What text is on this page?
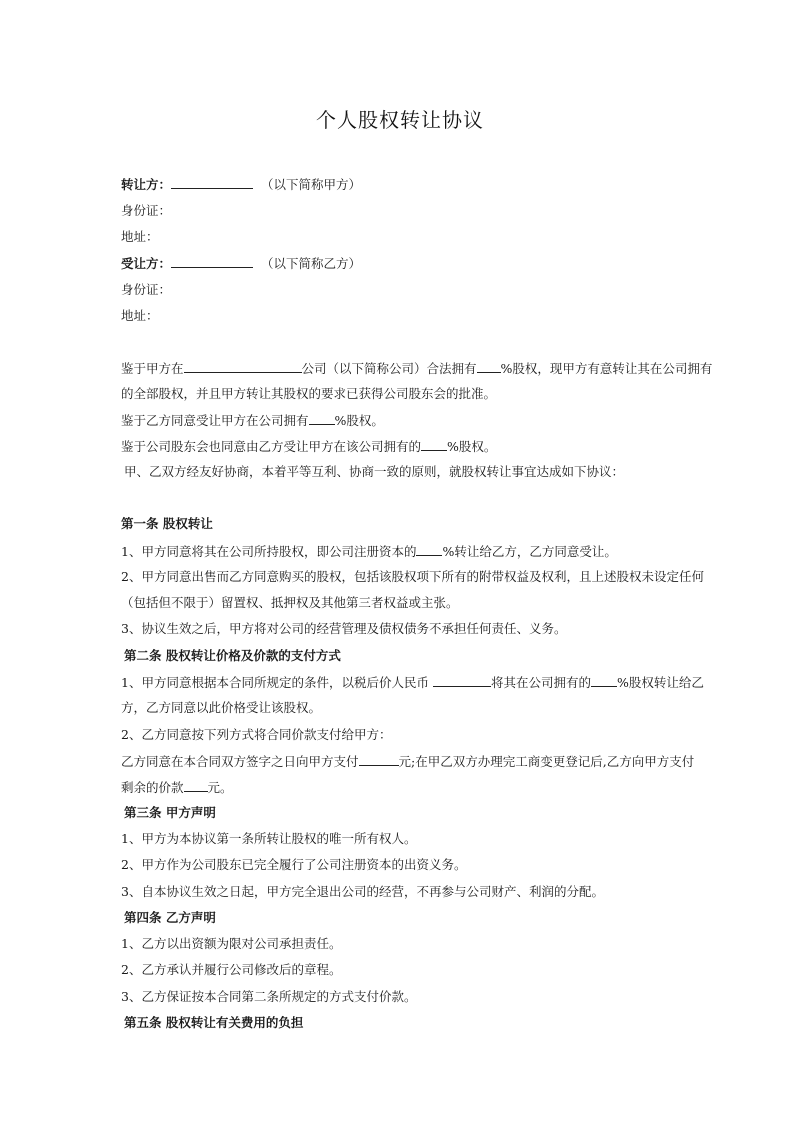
个人股权转让协议
转让方：	（以下简称甲方）
身份证：
地址：
受让方：	（以下简称乙方）
身份证：
地址：
鉴于甲方在	公司（以下简称公司）合法拥有 %股权，现甲方有意转让其在公司拥有
的全部股权，并且甲方转让其股权的要求已获得公司股东会的批准。
鉴于乙方同意受让甲方在公司拥有 %股权。
鉴于公司股东会也同意由乙方受让甲方在该公司拥有的 %股权。
甲、乙双方经友好协商，本着平等互利、协商一致的原则，就股权转让事宜达成如下协议：
第一条 股权转让
1、甲方同意将其在公司所持股权，即公司注册资本的 %转让给乙方，乙方同意受让。
2、甲方同意出售而乙方同意购买的股权，包括该股权项下所有的附带权益及权利，且上述股权未设定任何
（包括但不限于）留置权、抵押权及其他第三者权益或主张。
3、协议生效之后，甲方将对公司的经营管理及债权债务不承担任何责任、义务。
第二条 股权转让价格及价款的支付方式
1、甲方同意根据本合同所规定的条件，以税后价人民币	将其在公司拥有的 %股权转让给乙
方，乙方同意以此价格受让该股权。
2、乙方同意按下列方式将合同价款支付给甲方：
乙方同意在本合同双方签字之日向甲方支付	元;在甲乙双方办理完工商变更登记后,乙方向甲方支付
剩余的价款 元。
第三条 甲方声明
1、甲方为本协议第一条所转让股权的唯一所有权人。
2、甲方作为公司股东已完全履行了公司注册资本的出资义务。
3、自本协议生效之日起，甲方完全退出公司的经营，不再参与公司财产、利润的分配。
第四条 乙方声明
1、乙方以出资额为限对公司承担责任。
2、乙方承认并履行公司修改后的章程。
3、乙方保证按本合同第二条所规定的方式支付价款。
第五条 股权转让有关费用的负担
